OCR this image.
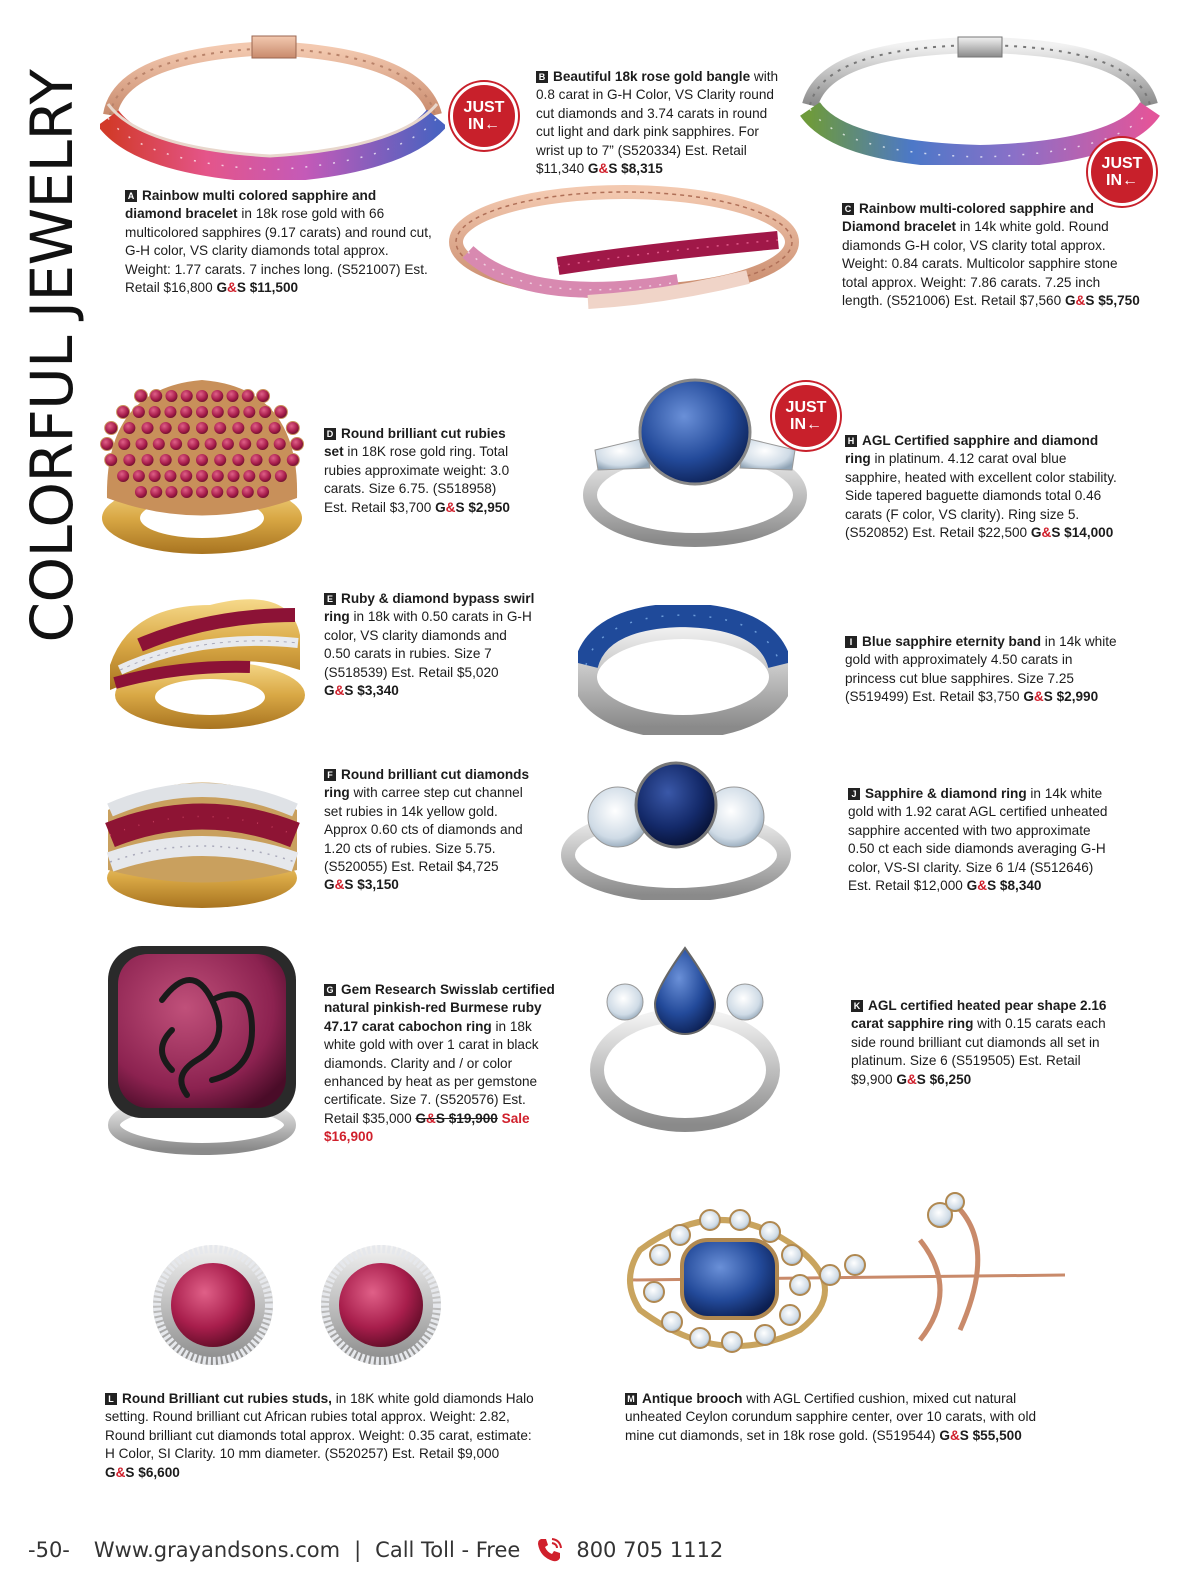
COLORFUL JEWELRY	JUST
IN←
JUST
IN←
JUST
IN←
A Rainbow multi colored sapphire and diamond bracelet in 18k rose gold with 66 multicolored sapphires (9.17 carats) and round cut, G-H color, VS clarity diamonds total approx. Weight: 1.77 carats. 7 inches long. (S521007) Est. Retail $16,800 G&S $11,500
B Beautiful 18k rose gold bangle with 0.8 carat in G-H Color, VS Clarity round cut diamonds and 3.74 carats in round cut light and dark pink sapphires. For wrist up to 7” (S520334) Est. Retail $11,340 G&S $8,315
C Rainbow multi-colored sapphire and Diamond bracelet in 14k white gold. Round diamonds G-H color, VS clarity total approx. Weight: 0.84 carats. Multicolor sapphire stone total approx. Weight: 7.86 carats. 7.25 inch length. (S521006) Est. Retail $7,560 G&S $5,750
D Round brilliant cut rubies set in 18K rose gold ring. Total rubies approximate weight: 3.0 carats. Size 6.75. (S518958) Est. Retail $3,700 G&S $2,950
H AGL Certified sapphire and diamond ring in platinum. 4.12 carat oval blue sapphire, heated with excellent color stability. Side tapered baguette diamonds total 0.46 carats (F color, VS clarity). Ring size 5. (S520852) Est. Retail $22,500 G&S $14,000
E Ruby & diamond bypass swirl ring in 18k with 0.50 carats in G-H color, VS clarity diamonds and 0.50 carats in rubies. Size 7 (S518539) Est. Retail $5,020 G&S $3,340
I Blue sapphire eternity band in 14k white gold with approximately 4.50 carats in princess cut blue sapphires. Size 7.25 (S519499) Est. Retail $3,750 G&S $2,990
F Round brilliant cut diamonds ring with carree step cut channel set rubies in 14k yellow gold. Approx 0.60 cts of diamonds and 1.20 cts of rubies. Size 5.75. (S520055) Est. Retail $4,725 G&S $3,150
J Sapphire & diamond ring in 14k white gold with 1.92 carat AGL certified unheated sapphire accented with two approximate 0.50 ct each side diamonds averaging G-H color, VS-SI clarity. Size 6 1/4 (S512646) Est. Retail $12,000 G&S $8,340
G Gem Research Swisslab certified natural pinkish-red Burmese ruby 47.17 carat cabochon ring in 18k white gold with over 1 carat in black diamonds. Clarity and / or color enhanced by heat as per gemstone certificate. Size 7. (S520576) Est. Retail $35,000 G&S $19,900 Sale $16,900
K AGL certified heated pear shape 2.16 carat sapphire ring with 0.15 carats each side round brilliant cut diamonds all set in platinum. Size 6 (S519505) Est. Retail $9,900 G&S $6,250
L Round Brilliant cut rubies studs, in 18K white gold diamonds Halo setting. Round brilliant cut African rubies total approx. Weight: 2.82, Round brilliant cut diamonds total approx. Weight: 0.35 carat, estimate: H Color, SI Clarity. 10 mm diameter. (S520257) Est. Retail $9,000 G&S $6,600
M Antique brooch with AGL Certified cushion, mixed cut natural unheated Ceylon corundum sapphire center, over 10 carats, with old mine cut diamonds, set in 18k rose gold. (S519544) G&S $55,500
-50- Www.grayandsons.com | Call Toll - Free	800 705 1112
